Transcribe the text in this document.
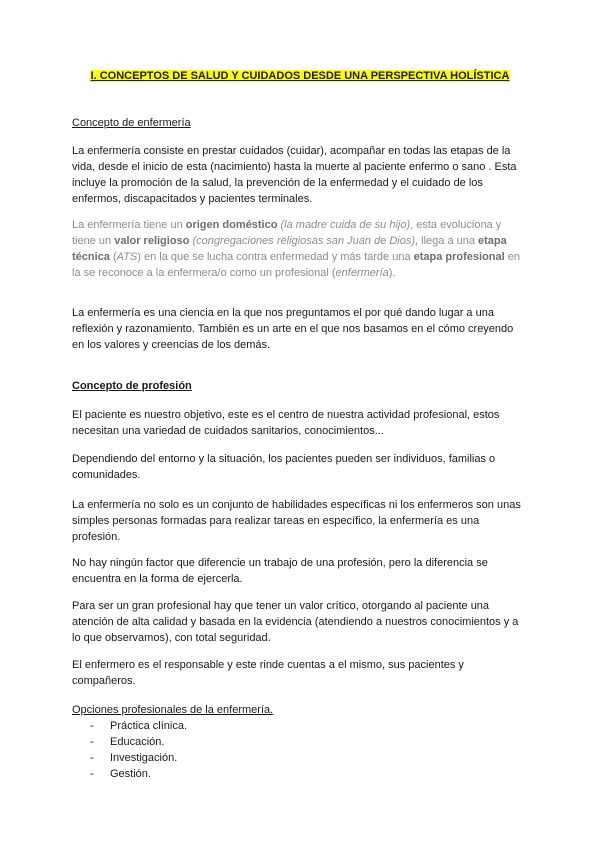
I. CONCEPTOS DE SALUD Y CUIDADOS DESDE UNA PERSPECTIVA HOLÍSTICA
Concepto de enfermería
La enfermería consiste en prestar cuidados (cuidar), acompañar en todas las etapas de la vida, desde el inicio de esta (nacimiento) hasta la muerte al paciente enfermo o sano . Esta incluye la promoción de la salud, la prevención de la enfermedad y el cuidado de los enfermos, discapacitados y pacientes terminales.
La enfermería tiene un origen doméstico (la madre cuida de su hijo), esta evoluciona y tiene un valor religioso (congregaciones religiosas san Juan de Dios), llega a una etapa técnica (ATS) en la que se lucha contra enfermedad y más tarde una etapa profesional en la se reconoce a la enfermera/o como un profesional (enfermería).
La enfermería es una ciencia en la que nos preguntamos el por qué dando lugar a una reflexión y razonamiento. También es un arte en el que nos basamos en el cómo creyendo en los valores y creencias de los demás.
Concepto de profesión
El paciente es nuestro objetivo, este es el centro de nuestra actividad profesional, estos necesitan una variedad de cuidados sanitarios, conocimientos...
Dependiendo del entorno y la situación, los pacientes pueden ser individuos, familias o comunidades.
La enfermería no solo es un conjunto de habilidades específicas ni los enfermeros son unas simples personas formadas para realizar tareas en específico, la enfermería es una profesión.
No hay ningún factor que diferencie un trabajo de una profesión, pero la diferencia se encuentra en la forma de ejercerla.
Para ser un gran profesional hay que tener un valor crítico, otorgando al paciente una atención de alta calidad y basada en la evidencia (atendiendo a nuestros conocimientos y a lo que observamos), con total seguridad.
El enfermero es el responsable y este rinde cuentas a el mismo, sus pacientes y compañeros.
Opciones profesionales de la enfermería.
-	Práctica clínica.
-	Educación.
-	Investigación.
-	Gestión.
